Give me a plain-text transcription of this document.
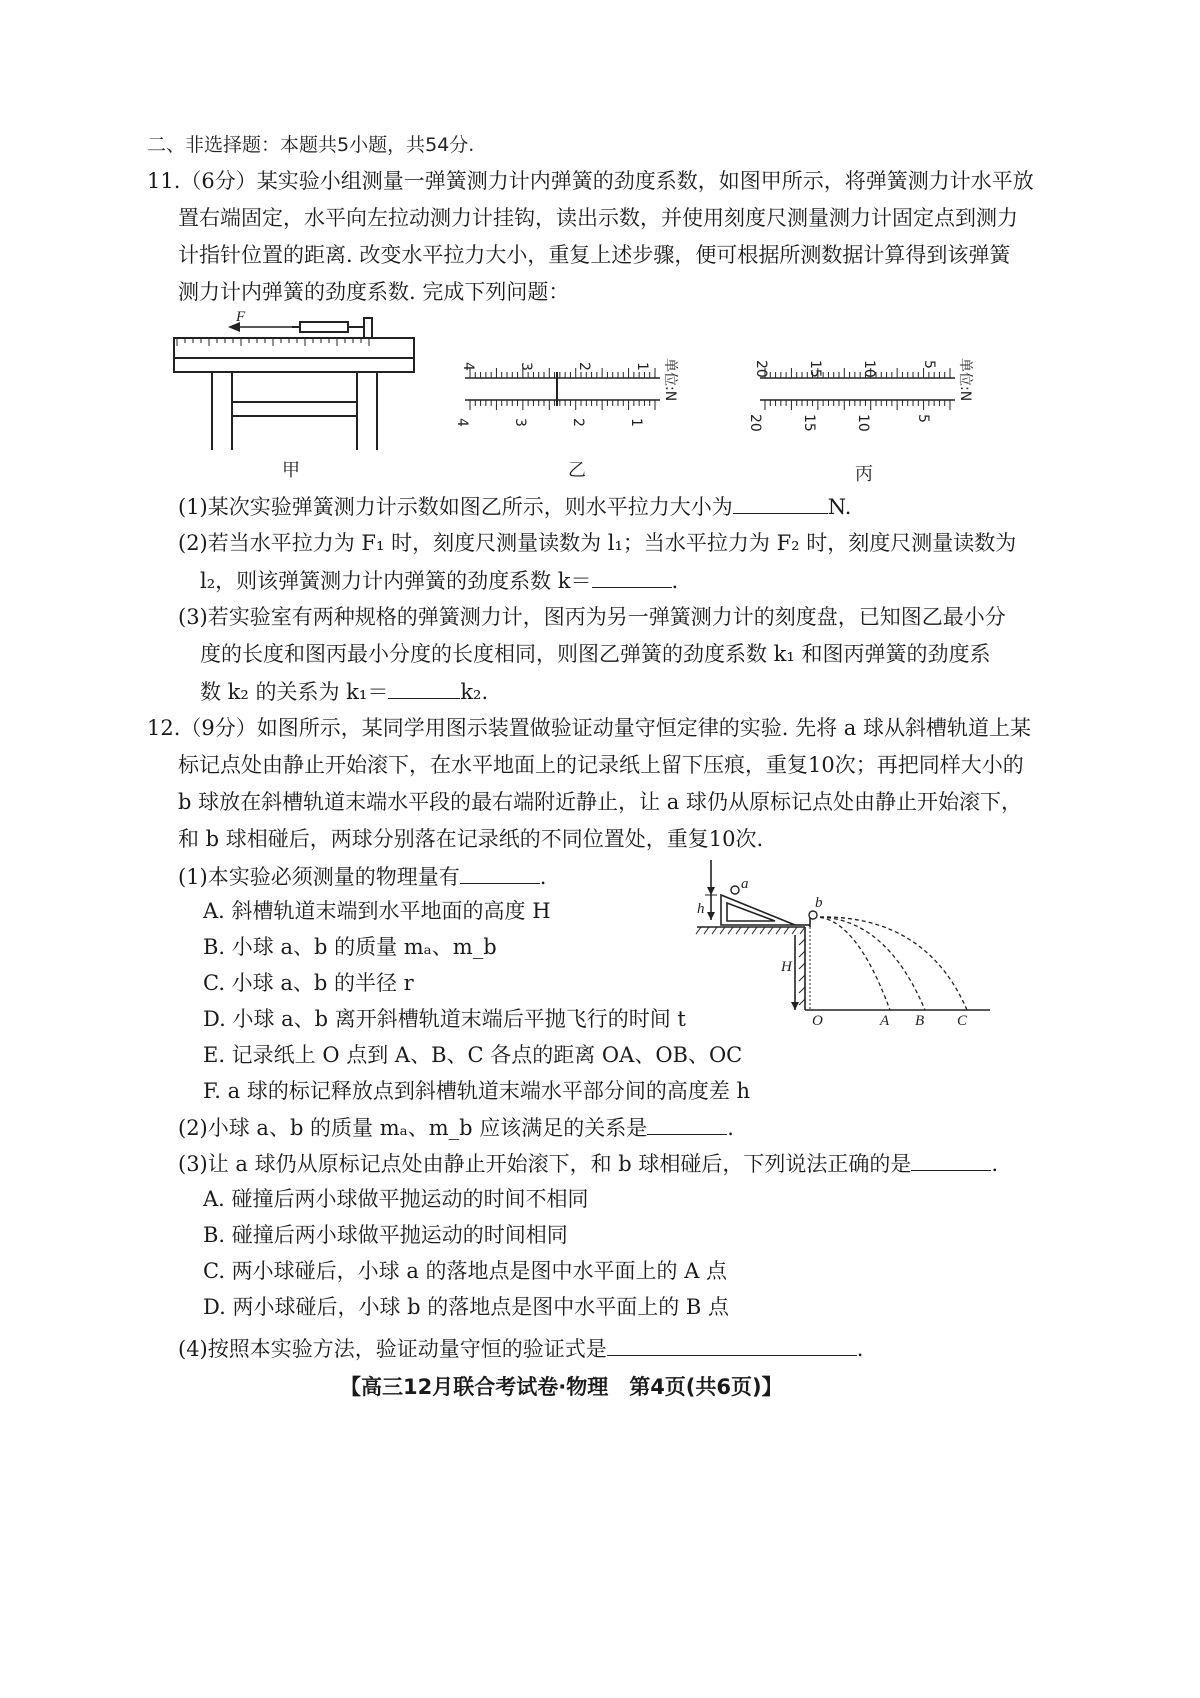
二、非选择题：本题共5小题，共54分.
11.（6分）某实验小组测量一弹簧测力计内弹簧的劲度系数，如图甲所示，将弹簧测力计水平放
置右端固定，水平向左拉动测力计挂钩，读出示数，并使用刻度尺测量测力计固定点到测力
计指针位置的距离. 改变水平拉力大小，重复上述步骤，便可根据所测数据计算得到该弹簧
测力计内弹簧的劲度系数. 完成下列问题：
F
甲
4	3	2	1
4	3	2	1
单位:N
乙
20	15	10	5
20	15	10	5
单位:N
丙
(1)某次实验弹簧测力计示数如图乙所示，则水平拉力大小为	N.
(2)若当水平拉力为 F₁ 时，刻度尺测量读数为 l₁；当水平拉力为 F₂ 时，刻度尺测量读数为
l₂，则该弹簧测力计内弹簧的劲度系数 k＝	.
(3)若实验室有两种规格的弹簧测力计，图丙为另一弹簧测力计的刻度盘，已知图乙最小分
度的长度和图丙最小分度的长度相同，则图乙弹簧的劲度系数 k₁ 和图丙弹簧的劲度系
数 k₂ 的关系为 k₁＝	k₂.
12.（9分）如图所示，某同学用图示装置做验证动量守恒定律的实验. 先将 a 球从斜槽轨道上某
标记点处由静止开始滚下，在水平地面上的记录纸上留下压痕，重复10次；再把同样大小的
b 球放在斜槽轨道末端水平段的最右端附近静止，让 a 球仍从原标记点处由静止开始滚下，
和 b 球相碰后，两球分别落在记录纸的不同位置处，重复10次.
(1)本实验必须测量的物理量有	.
A. 斜槽轨道末端到水平地面的高度 H
B. 小球 a、b 的质量 mₐ、m_b
C. 小球 a、b 的半径 r
D. 小球 a、b 离开斜槽轨道末端后平抛飞行的时间 t
E. 记录纸上 O 点到 A、B、C 各点的距离 OA、OB、OC
F. a 球的标记释放点到斜槽轨道末端水平部分间的高度差 h
a
b
h
H
O	A B C
(2)小球 a、b 的质量 mₐ、m_b 应该满足的关系是	.
(3)让 a 球仍从原标记点处由静止开始滚下，和 b 球相碰后，下列说法正确的是	.
A. 碰撞后两小球做平抛运动的时间不相同
B. 碰撞后两小球做平抛运动的时间相同
C. 两小球碰后，小球 a 的落地点是图中水平面上的 A 点
D. 两小球碰后，小球 b 的落地点是图中水平面上的 B 点
(4)按照本实验方法，验证动量守恒的验证式是	.
【高三12月联合考试卷·物理　第4页(共6页)】
